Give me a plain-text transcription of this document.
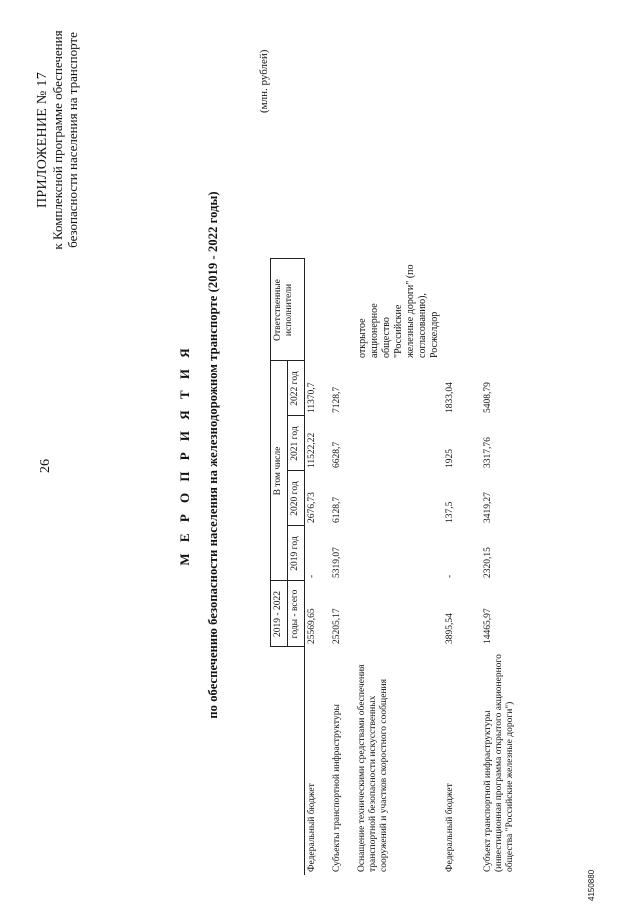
26
ПРИЛОЖЕНИЕ № 17 к Комплексной программе обеспечения безопасности населения на транспорте
М Е Р О П Р И Я Т И Я по обеспечению безопасности населения на железнодорожном транспорте (2019 - 2022 годы)
(млн. рублей)
	2019 - 2022	В том числе				Ответственные исполнители
	годы - всего	2019 год	2020 год	2021 год	2022 год	
Федеральный бюджет	25569,65	-	2676,73	11522,22	11370,7	
Субъекты транспортной инфраструктуры	25205,17	5319,07	6128,7	6628,7	7128,7	
Оснащение техническими средствами обеспечения транспортной безопасности искусственных сооружений и участков скоростного сообщения						открытое акционерное общество "Российские железные дороги" (по согласованию), Росжелдор
Федеральный бюджет	3895,54	-	137,5	1925	1833,04	
Субъект транспортной инфраструктуры (инвестиционная программа открытого акционерного общества "Российские железные дороги")	14465,97	2320,15	3419,27	3317,76	5408,79	
4150880
